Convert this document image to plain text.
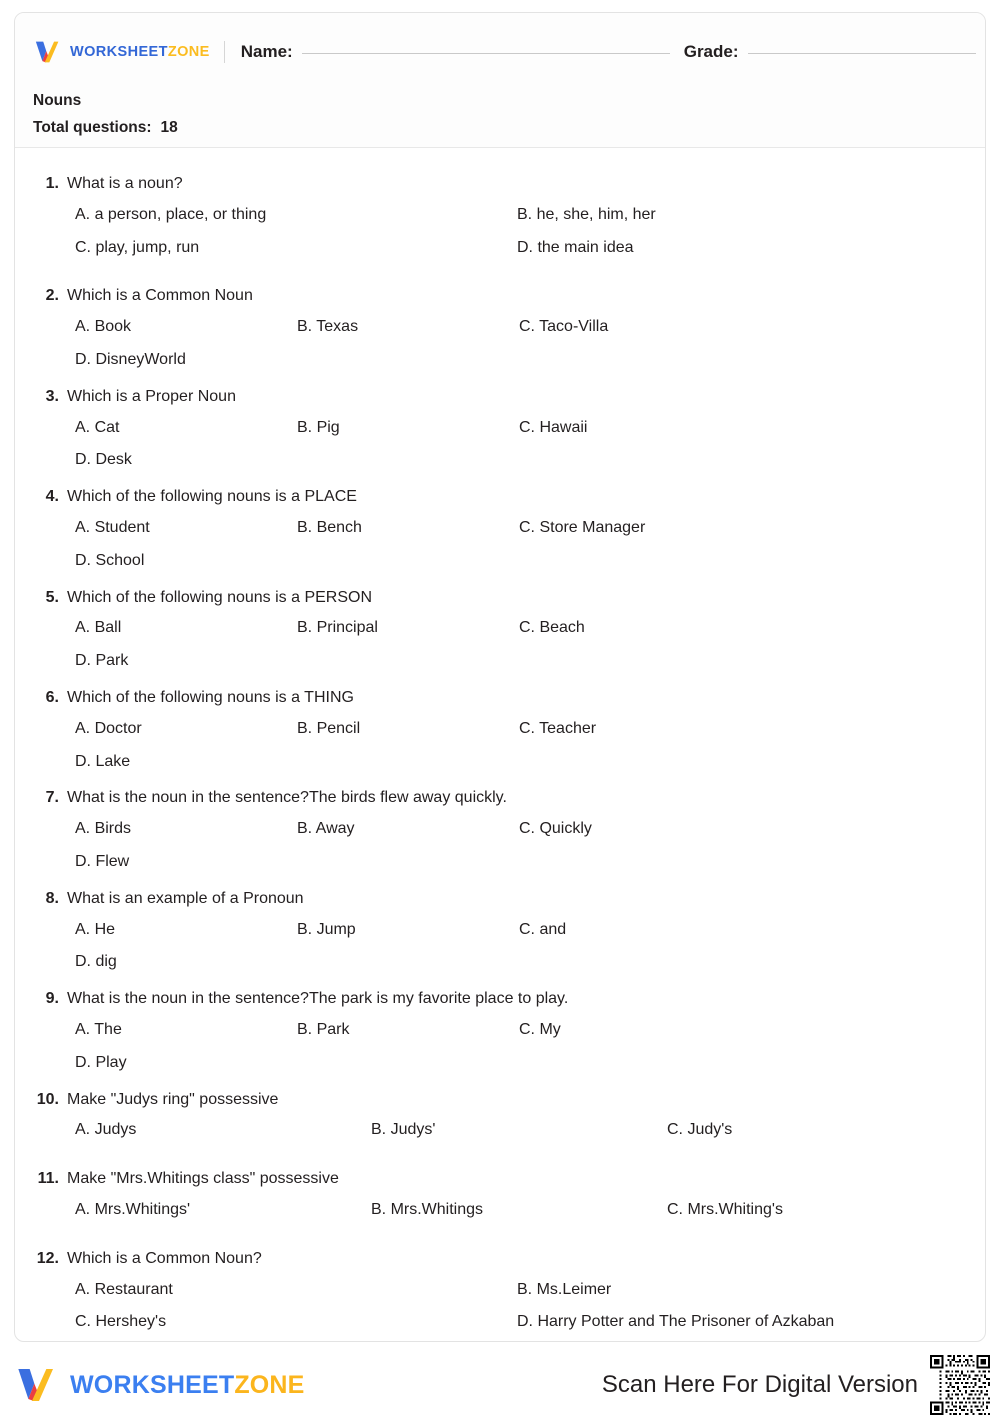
WORKSHEETZONE Name:	Grade:
Nouns
Total questions: 18
1. What is a noun?
A. a person, place, or thing	B. he, she, him, her
C. play, jump, run	D. the main idea
2. Which is a Common Noun
A. Book	B. Texas	C. Taco-Villa
D. DisneyWorld
3. Which is a Proper Noun
A. Cat	B. Pig	C. Hawaii
D. Desk
4. Which of the following nouns is a PLACE
A. Student	B. Bench	C. Store Manager
D. School
5. Which of the following nouns is a PERSON
A. Ball	B. Principal	C. Beach
D. Park
6. Which of the following nouns is a THING
A. Doctor	B. Pencil	C. Teacher
D. Lake
7. What is the noun in the sentence?The birds flew away quickly.
A. Birds	B. Away	C. Quickly
D. Flew
8. What is an example of a Pronoun
A. He	B. Jump	C. and
D. dig
9. What is the noun in the sentence?The park is my favorite place to play.
A. The	B. Park	C. My
D. Play
10. Make "Judys ring" possessive
A. Judys	B. Judys'	C. Judy's
11. Make "Mrs.Whitings class" possessive
A. Mrs.Whitings'	B. Mrs.Whitings	C. Mrs.Whiting's
12. Which is a Common Noun?
A. Restaurant	B. Ms.Leimer
C. Hershey's	D. Harry Potter and The Prisoner of Azkaban
WORKSHEETZONE	Scan Here For Digital Version
